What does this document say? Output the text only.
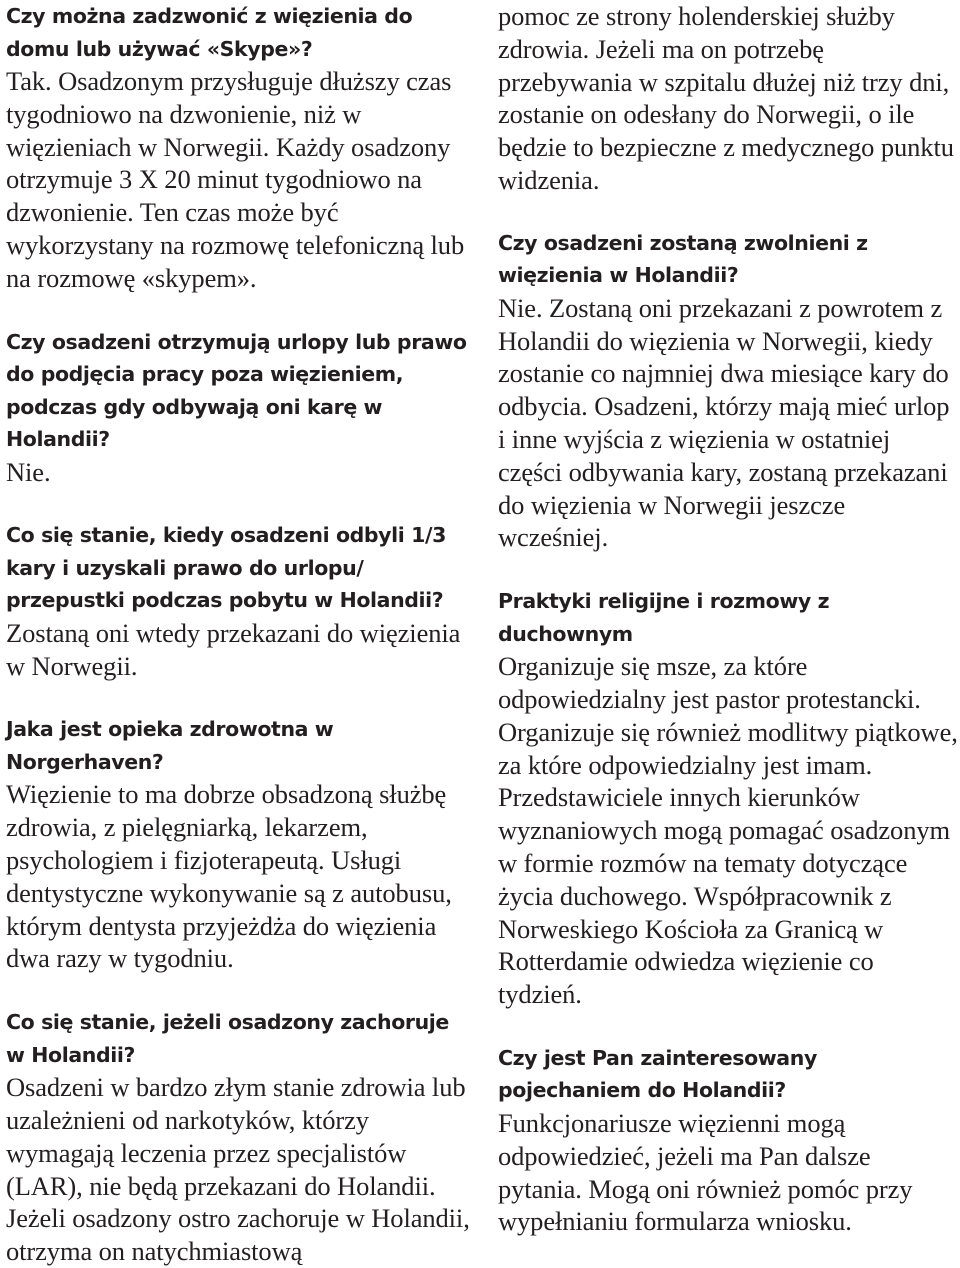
Czy można zadzwonić z więzienia do domu lub używać «Skype»?

Tak. Osadzonym przysługuje dłuższy czas tygodniowo na dzwonienie, niż w więzieniach w Norwegii. Każdy osadzony otrzymuje 3 X 20 minut tygodniowo na dzwonienie. Ten czas może być wykorzystany na rozmowę telefoniczną lub na rozmowę «skypem».

Czy osadzeni otrzymują urlopy lub prawo do podjęcia pracy poza więzieniem, podczas gdy odbywają oni karę w Holandii?

Nie.

Co się stanie, kiedy osadzeni odbyli 1/3 kary i uzyskali prawo do urlopu/ przepustki podczas pobytu w Holandii?

Zostaną oni wtedy przekazani do więzienia w Norwegii.

Jaka jest opieka zdrowotna w Norgerhaven?

Więzienie to ma dobrze obsadzoną służbę zdrowia, z pielęgniarką, lekarzem, psychologiem i fizjoterapeutą. Usługi dentystyczne wykonywanie są z autobusu, którym dentysta przyjeżdża do więzienia dwa razy w tygodniu.

Co się stanie, jeżeli osadzony zachoruje w Holandii?

Osadzeni w bardzo złym stanie zdrowia lub uzależnieni od narkotyków, którzy wymagają leczenia przez specjalistów (LAR), nie będą przekazani do Holandii. Jeżeli osadzony ostro zachoruje w Holandii, otrzyma on natychmiastową

pomoc ze strony holenderskiej służby zdrowia. Jeżeli ma on potrzebę przebywania w szpitalu dłużej niż trzy dni, zostanie on odesłany do Norwegii, o ile będzie to bezpieczne z medycznego punktu widzenia.

Czy osadzeni zostaną zwolnieni z więzienia w Holandii?

Nie. Zostaną oni przekazani z powrotem z Holandii do więzienia w Norwegii, kiedy zostanie co najmniej dwa miesiące kary do odbycia. Osadzeni, którzy mają mieć urlop i inne wyjścia z więzienia w ostatniej części odbywania kary, zostaną przekazani do więzienia w Norwegii jeszcze wcześniej.

Praktyki religijne i rozmowy z duchownym

Organizuje się msze, za które odpowiedzialny jest pastor protestancki. Organizuje się również modlitwy piątkowe, za które odpowiedzialny jest imam. Przedstawiciele innych kierunków wyznaniowych mogą pomagać osadzonym w formie rozmów na tematy dotyczące życia duchowego. Współpracownik z Norweskiego Kościoła za Granicą w Rotterdamie odwiedza więzienie co tydzień.

Czy jest Pan zainteresowany pojechaniem do Holandii?

Funkcjonariusze więzienni mogą odpowiedzieć, jeżeli ma Pan dalsze pytania. Mogą oni również pomóc przy wypełnianiu formularza wniosku.
